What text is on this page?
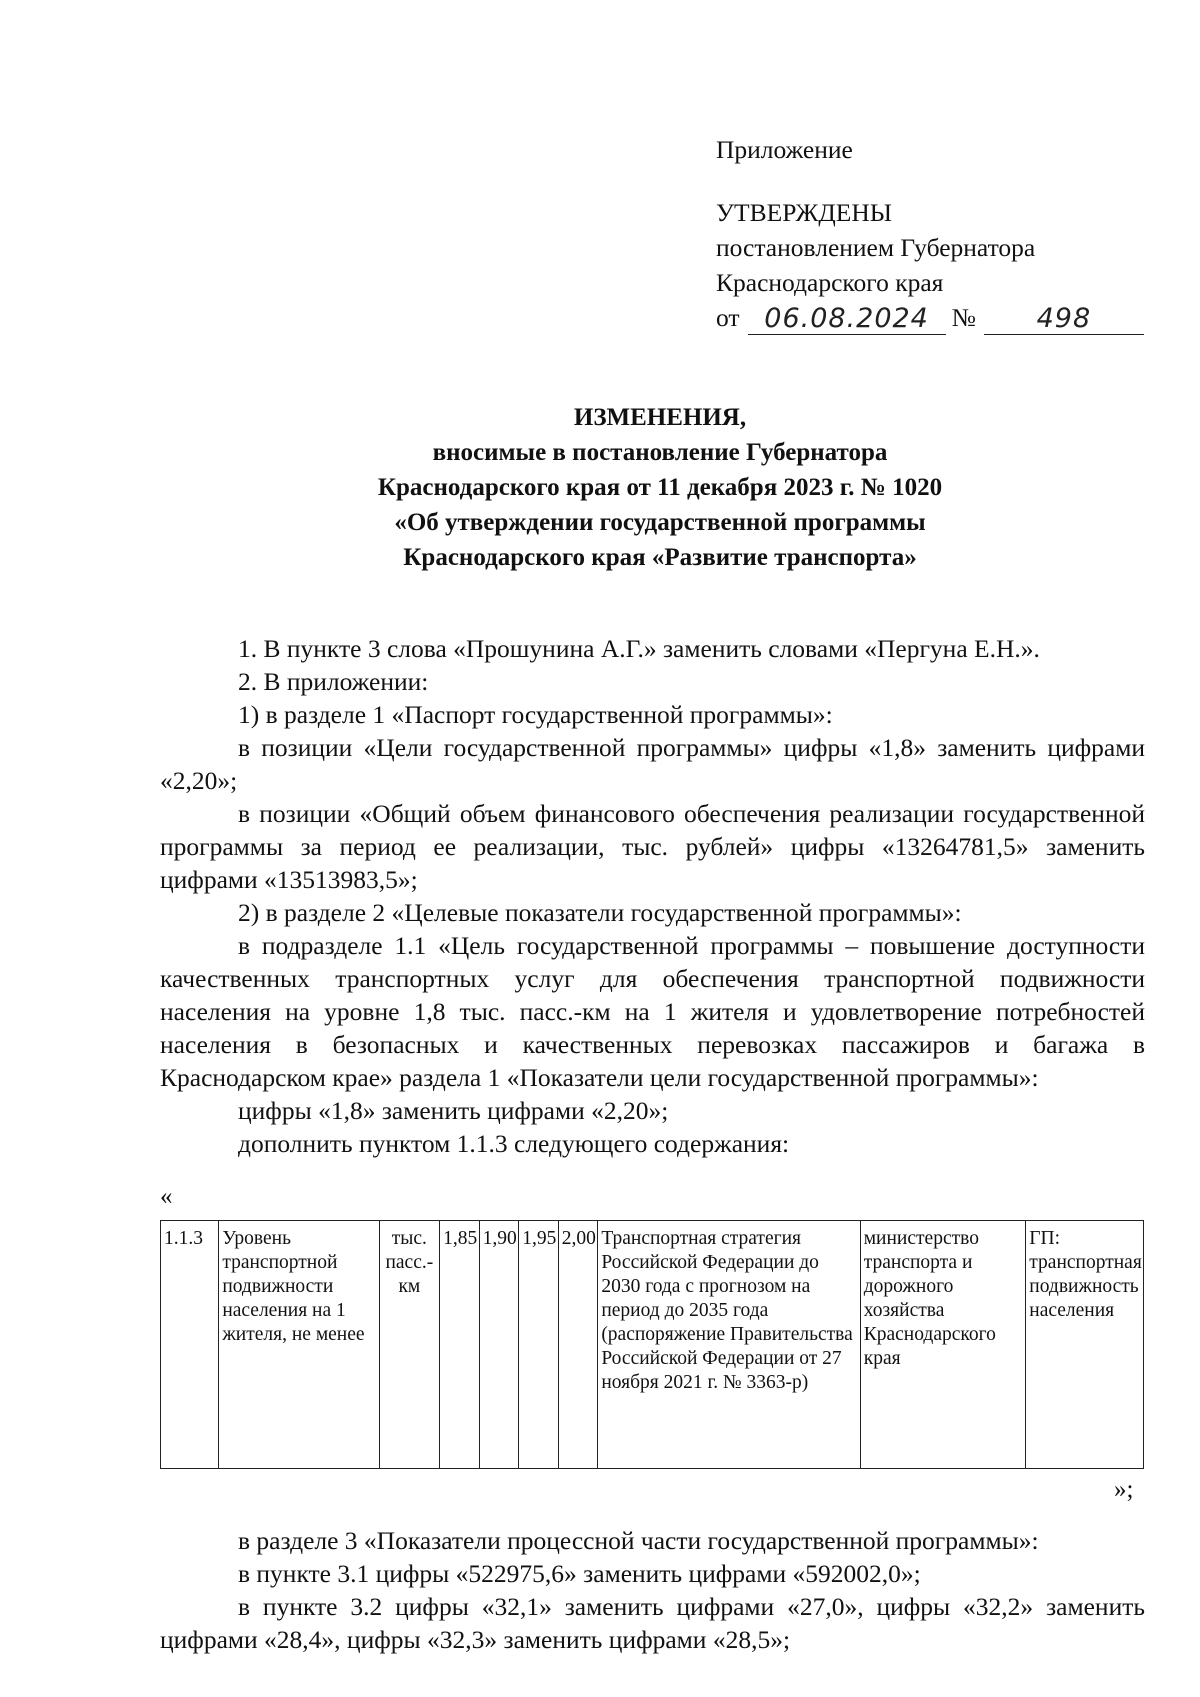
Приложение
УТВЕРЖДЕНЫ
постановлением Губернатора
Краснодарского края
от 06.08.2024 №	498
ИЗМЕНЕНИЯ,
вносимые в постановление Губернатора
Краснодарского края от 11 декабря 2023 г. № 1020
«Об утверждении государственной программы
Краснодарского края «Развитие транспорта»

1. В пункте 3 слова «Прошунина А.Г.» заменить словами «Пергуна Е.Н.».

2. В приложении:

1) в разделе 1 «Паспорт государственной программы»:

в позиции «Цели государственной программы» цифры «1,8» заменить цифрами «2,20»;

в позиции «Общий объем финансового обеспечения реализации государственной программы за период ее реализации, тыс. рублей» цифры «13264781,5» заменить цифрами «13513983,5»;

2) в разделе 2 «Целевые показатели государственной программы»:

в подразделе 1.1 «Цель государственной программы – повышение доступности качественных транспортных услуг для обеспечения транспортной подвижности населения на уровне 1,8 тыс. пасс.-км на 1 жителя и удовлетворение потребностей населения в безопасных и качественных перевозках пассажиров и багажа в Краснодарском крае» раздела 1 «Показатели цели государственной программы»:

цифры «1,8» заменить цифрами «2,20»;

дополнить пунктом 1.1.3 следующего содержания:

«
1.1.3	Уровень транспортной подвижности населения на 1 жителя, не менее	тыс. пасс.-км	1,85	1,90	1,95	2,00	Транспортная стратегия Российской Федерации до 2030 года с прогнозом на период до 2035 года (распоряжение Правительства Российской Федерации от 27 ноября 2021 г. № 3363-р)	министерство транспорта и дорожного хозяйства Краснодарского края	ГП: транспортная подвижность населения
»;

в разделе 3 «Показатели процессной части государственной программы»:

в пункте 3.1 цифры «522975,6» заменить цифрами «592002,0»;

в пункте 3.2 цифры «32,1» заменить цифрами «27,0», цифры «32,2» заменить цифрами «28,4», цифры «32,3» заменить цифрами «28,5»;
